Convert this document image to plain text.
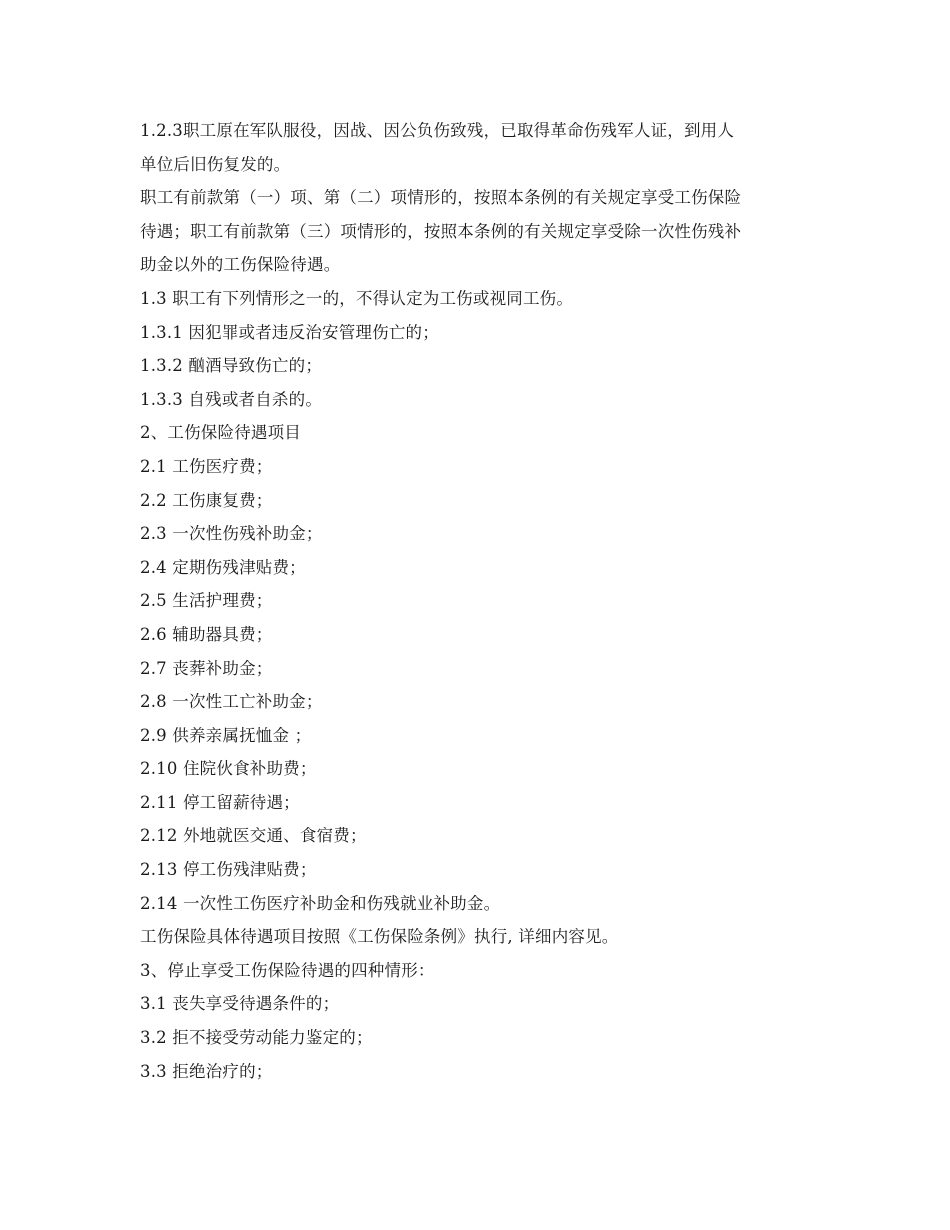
1.2.3职工原在军队服役，因战、因公负伤致残，已取得革命伤残军人证，到用人
单位后旧伤复发的。
职工有前款第（一）项、第（二）项情形的，按照本条例的有关规定享受工伤保险
待遇；职工有前款第（三）项情形的，按照本条例的有关规定享受除一次性伤残补
助金以外的工伤保险待遇。
1.3 职工有下列情形之一的，不得认定为工伤或视同工伤。
1.3.1 因犯罪或者违反治安管理伤亡的；
1.3.2 酗酒导致伤亡的；
1.3.3 自残或者自杀的。
2、工伤保险待遇项目
2.1 工伤医疗费；
2.2 工伤康复费；
2.3 一次性伤残补助金；
2.4 定期伤残津贴费；
2.5 生活护理费；
2.6 辅助器具费；
2.7 丧葬补助金；
2.8 一次性工亡补助金；
2.9 供养亲属抚恤金 ；
2.10 住院伙食补助费；
2.11 停工留薪待遇；
2.12 外地就医交通、食宿费；
2.13 停工伤残津贴费；
2.14 一次性工伤医疗补助金和伤残就业补助金。
工伤保险具体待遇项目按照《工伤保险条例》执行, 详细内容见。
3、停止享受工伤保险待遇的四种情形：
3.1 丧失享受待遇条件的；
3.2 拒不接受劳动能力鉴定的；
3.3 拒绝治疗的；
